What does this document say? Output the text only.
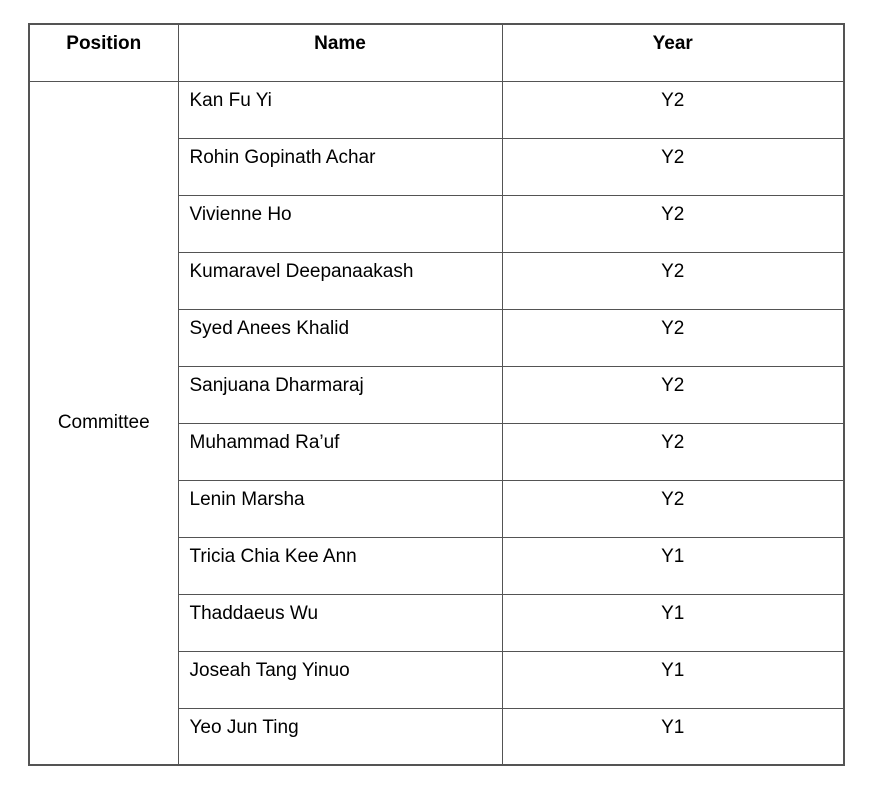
Position	Name	Year
Committee	Kan Fu Yi	Y2
	Rohin Gopinath Achar	Y2
	Vivienne Ho	Y2
	Kumaravel Deepanaakash	Y2
	Syed Anees Khalid	Y2
	Sanjuana Dharmaraj	Y2
	Muhammad Ra’uf	Y2
	Lenin Marsha	Y2
	Tricia Chia Kee Ann	Y1
	Thaddaeus Wu	Y1
	Joseah Tang Yinuo	Y1
	Yeo Jun Ting	Y1
